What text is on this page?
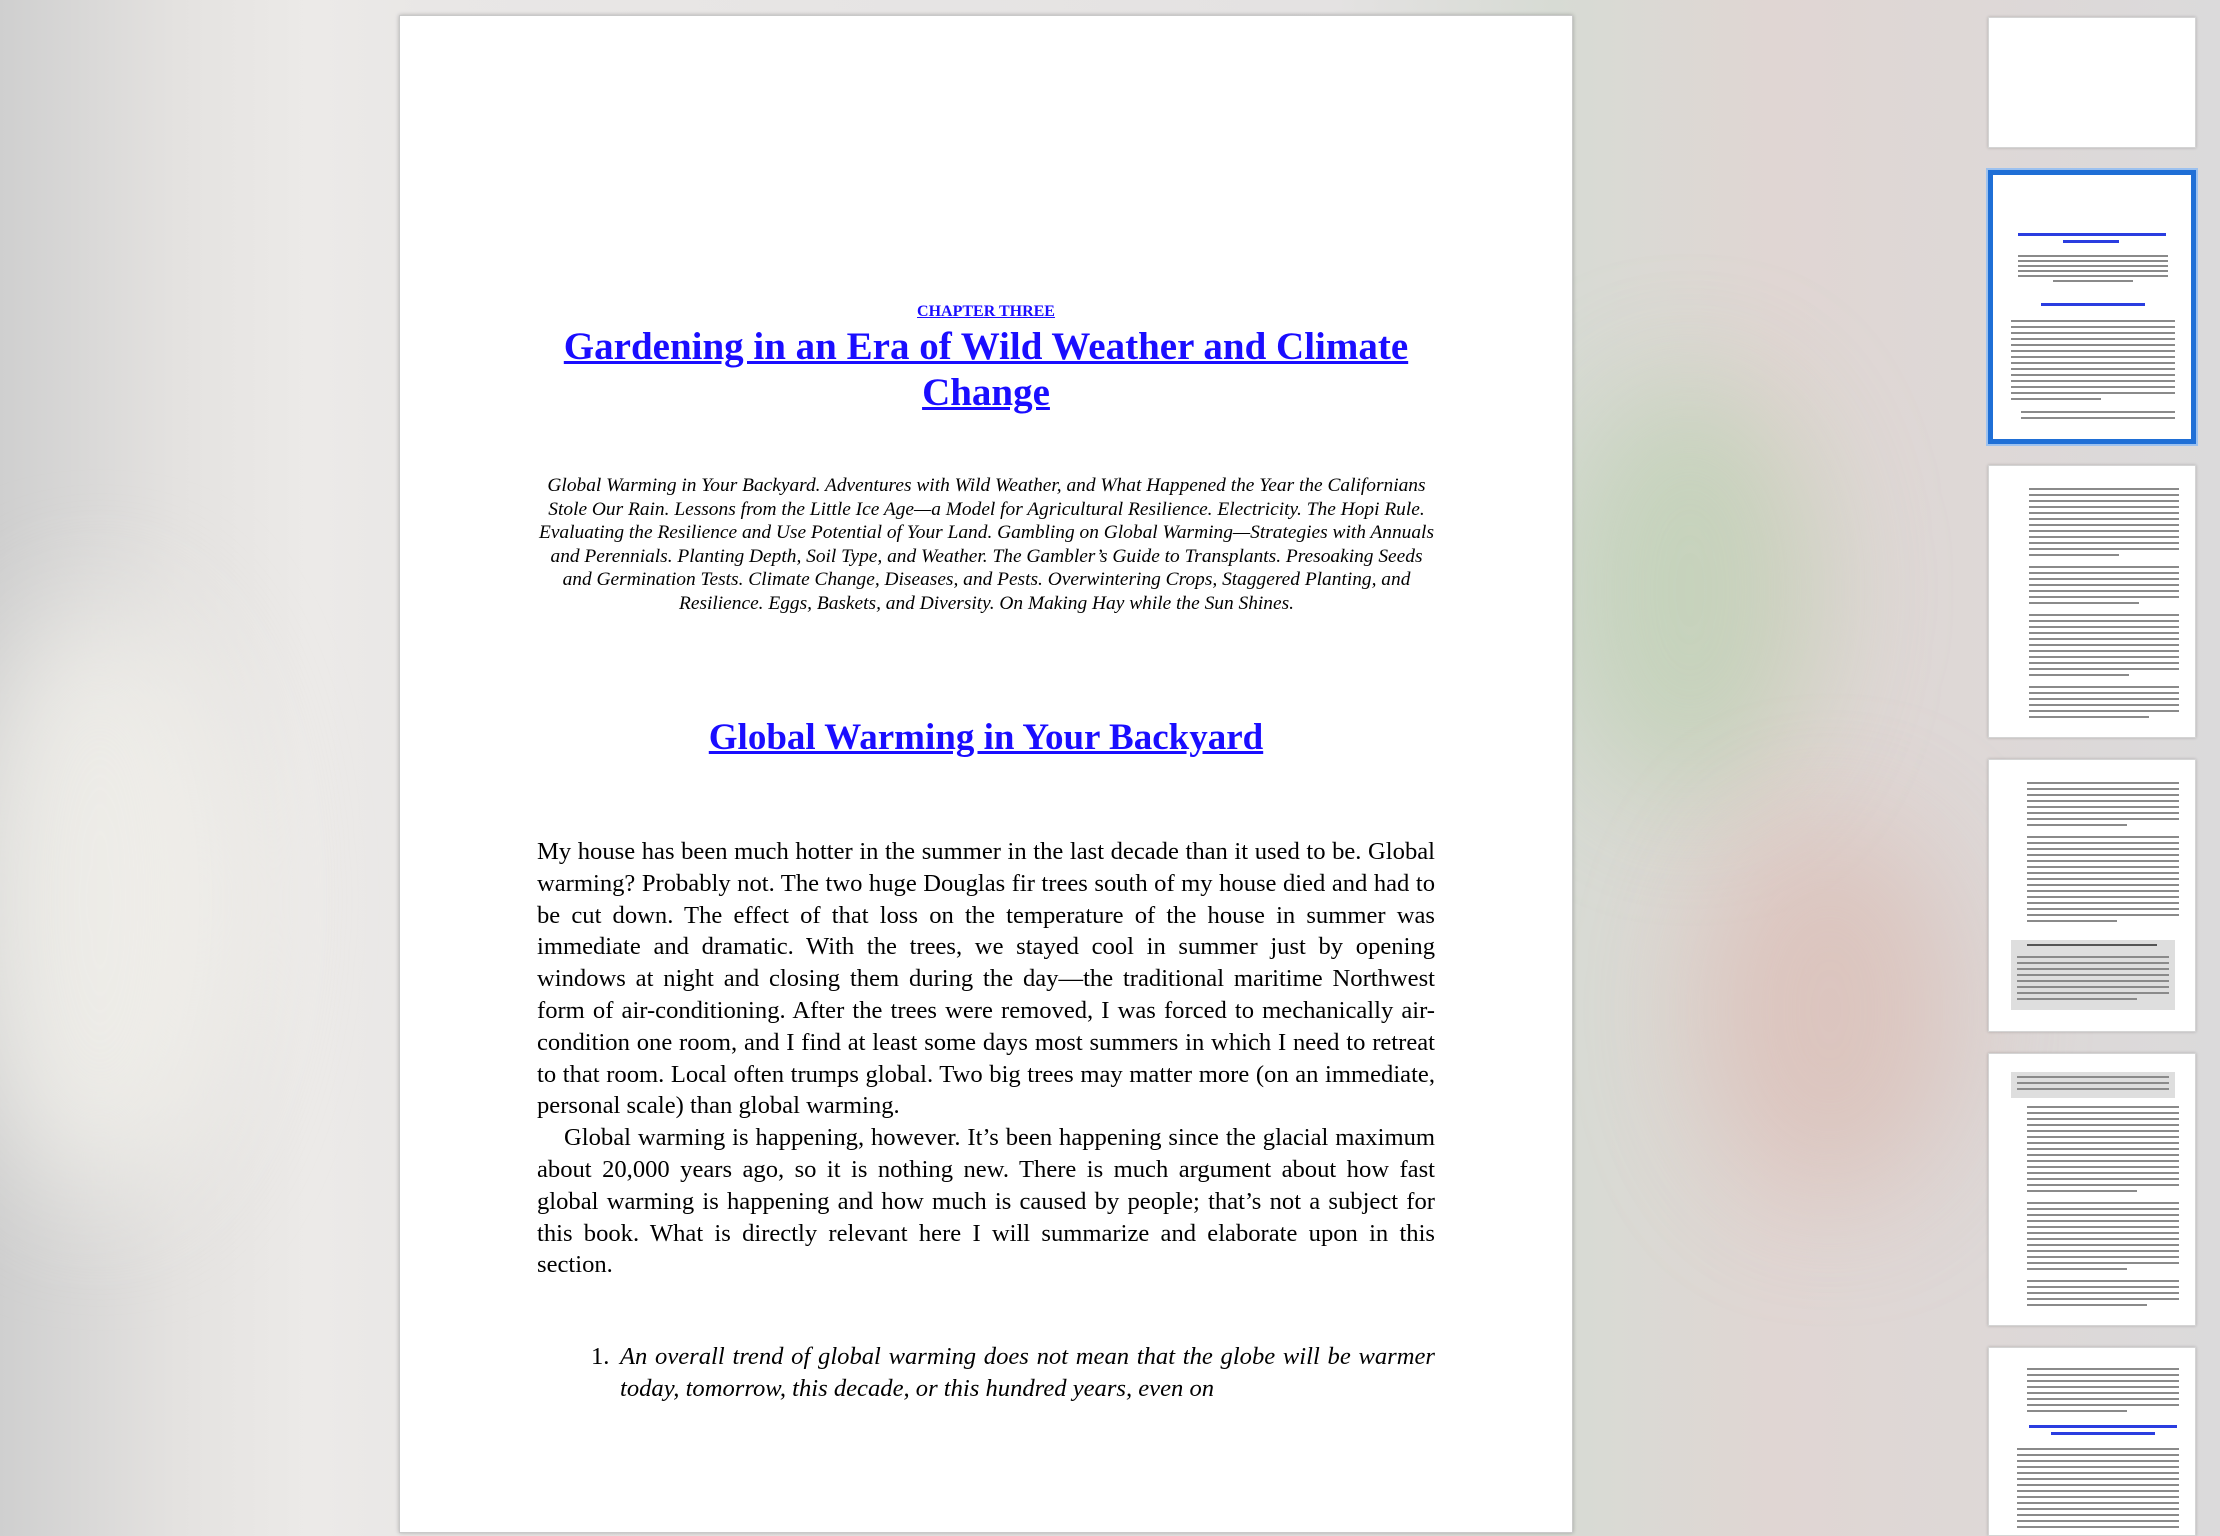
CHAPTER THREE
Gardening in an Era of Wild Weather and Climate Change
Global Warming in Your Backyard. Adventures with Wild Weather, and What Happened the Year the Californians Stole Our Rain. Lessons from the Little Ice Age—a Model for Agricultural Resilience. Electricity. The Hopi Rule. Evaluating the Resilience and Use Potential of Your Land. Gambling on Global Warming—Strategies with Annuals and Perennials. Planting Depth, Soil Type, and Weather. The Gambler’s Guide to Transplants. Presoaking Seeds and Germination Tests. Climate Change, Diseases, and Pests. Overwintering Crops, Staggered Planting, and Resilience. Eggs, Baskets, and Diversity. On Making Hay while the Sun Shines.
Global Warming in Your Backyard

My house has been much hotter in the summer in the last decade than it used to be. Global warming? Probably not. The two huge Douglas fir trees south of my house died and had to be cut down. The effect of that loss on the temperature of the house in summer was immediate and dramatic. With the trees, we stayed cool in summer just by opening windows at night and closing them during the day—the traditional maritime Northwest form of air-conditioning. After the trees were removed, I was forced to mechanically air-condition one room, and I find at least some days most summers in which I need to retreat to that room. Local often trumps global. Two big trees may matter more (on an immediate, personal scale) than global warming.

Global warming is happening, however. It’s been happening since the glacial maximum about 20,000 years ago, so it is nothing new. There is much argument about how fast global warming is happening and how much is caused by people; that’s not a subject for this book. What is directly relevant here I will summarize and elaborate upon in this section.

1. An overall trend of global warming does not mean that the globe will be warmer today, tomorrow, this decade, or this hundred years, even on
